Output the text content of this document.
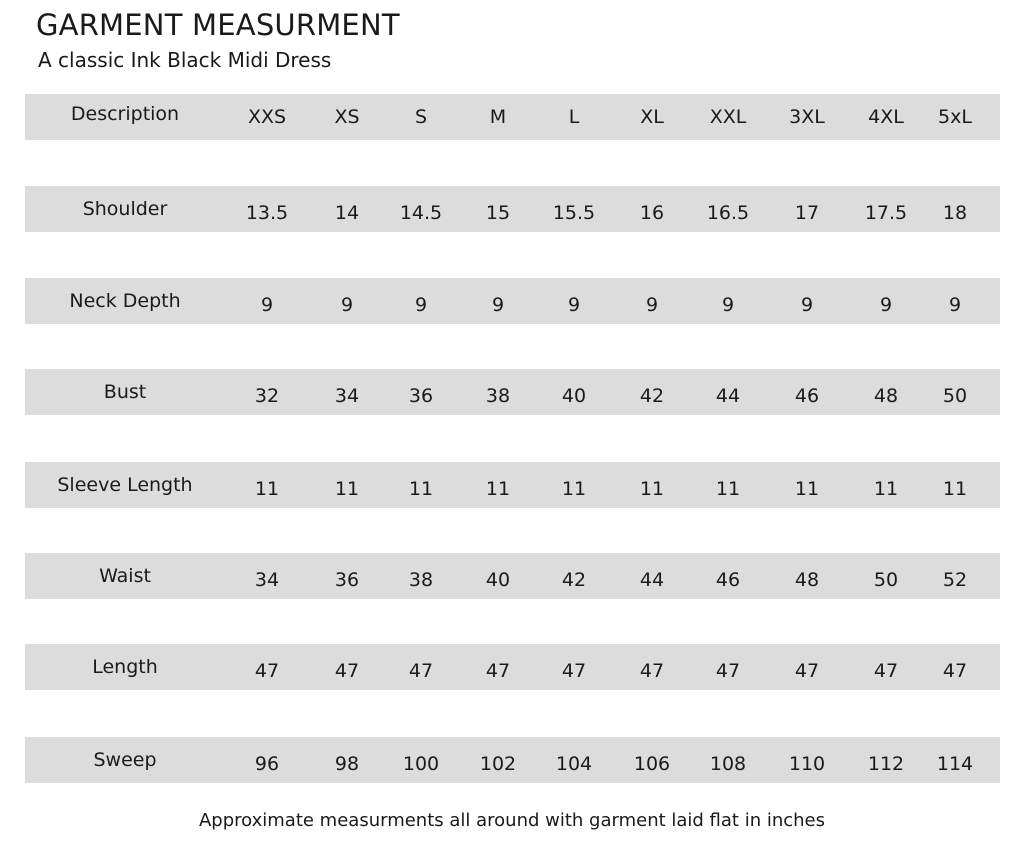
GARMENT MEASURMENT
A classic Ink Black Midi Dress
Description	XXS	XS	S	M	L	XL	XXL	3XL	4XL	5xL
Shoulder	13.5	14	14.5	15	15.5	16	16.5	17	17.5	18
Neck Depth	9	9	9	9	9	9	9	9	9	9
Bust	32	34	36	38	40	42	44	46	48	50
Sleeve Length	11	11	11	11	11	11	11	11	11	11
Waist	34	36	38	40	42	44	46	48	50	52
Length	47	47	47	47	47	47	47	47	47	47
Sweep	96	98	100	102	104	106	108	110	112	114
Approximate measurments all around with garment laid flat in inches
